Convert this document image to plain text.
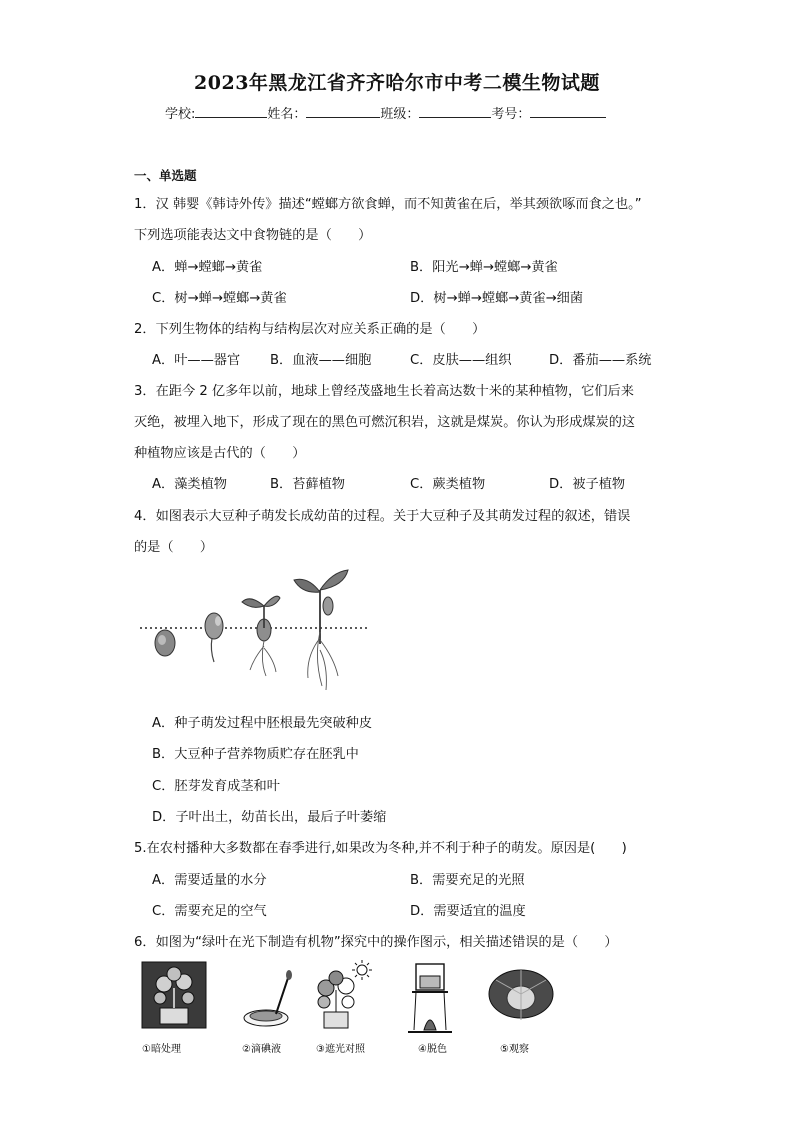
2023年黑龙江省齐齐哈尔市中考二模生物试题
学校:	姓名：	班级：	考号：
一、单选题
1．汉 韩婴《韩诗外传》描述“螳螂方欲食蝉，而不知黄雀在后，举其颈欲啄而食之也。”
下列选项能表达文中食物链的是（　　）
A．蝉→螳螂→黄雀	B．阳光→蝉→螳螂→黄雀
C．树→蝉→螳螂→黄雀	D．树→蝉→螳螂→黄雀→细菌
2．下列生物体的结构与结构层次对应关系正确的是（　　）
A．叶——器官 B．血液——细胞	C．皮肤——组织	D．番茄——系统
3．在距今 2 亿多年以前，地球上曾经茂盛地生长着高达数十米的某种植物，它们后来
灭绝，被埋入地下，形成了现在的黑色可燃沉积岩，这就是煤炭。你认为形成煤炭的这
种植物应该是古代的（　　）
A．藻类植物	B．苔藓植物	C．蕨类植物	D．被子植物
4．如图表示大豆种子萌发长成幼苗的过程。关于大豆种子及其萌发过程的叙述，错误
的是（　　）
A．种子萌发过程中胚根最先突破种皮
B．大豆种子营养物质贮存在胚乳中
C．胚芽发育成茎和叶
D．子叶出土，幼苗长出，最后子叶萎缩
5.在农村播种大多数都在春季进行,如果改为冬种,并不利于种子的萌发。原因是(　　)
A．需要适量的水分	B．需要充足的光照
C．需要充足的空气	D．需要适宜的温度
6．如图为“绿叶在光下制造有机物”探究中的操作图示，相关描述错误的是（　　）
①暗处理	②滴碘液	③遮光对照	④脱色	⑤观察
